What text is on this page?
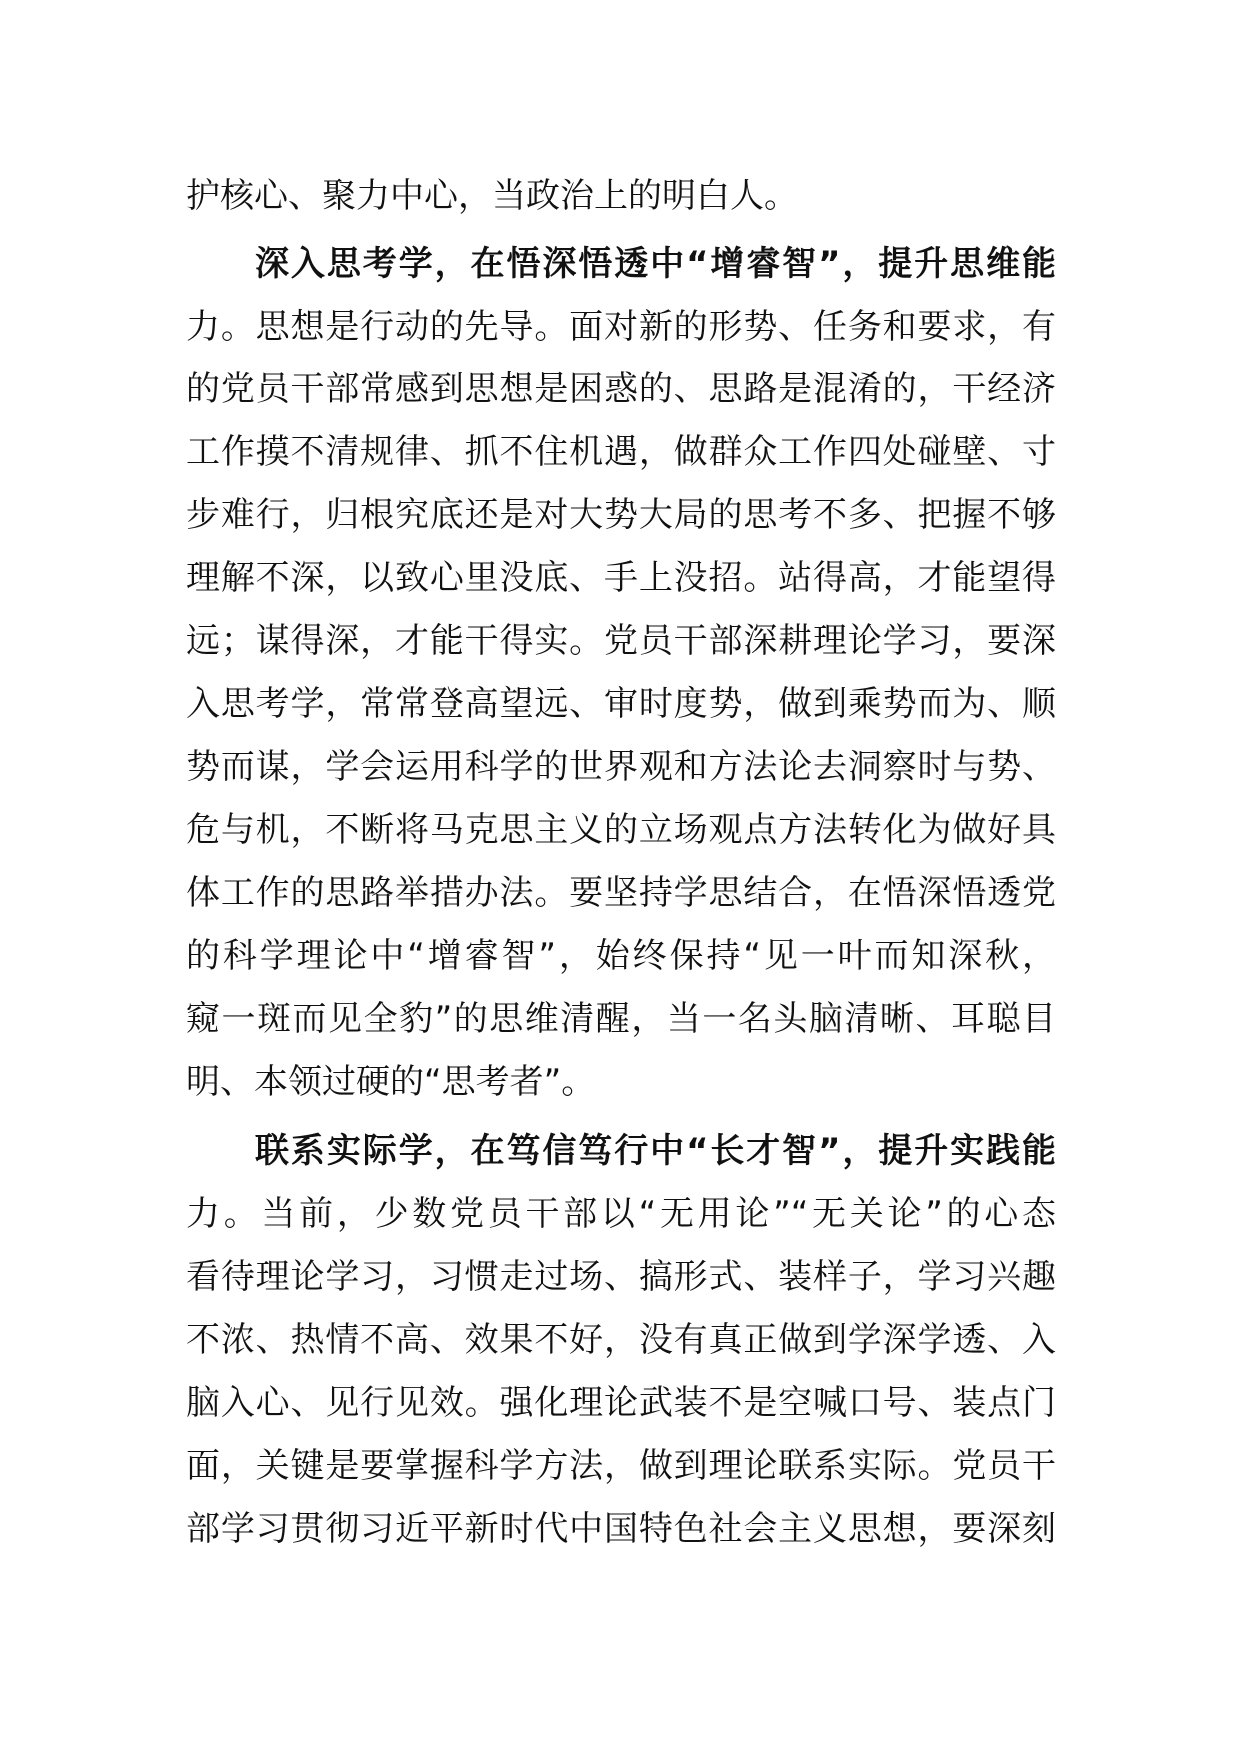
护核心、聚力中心，当政治上的明白人。
深入思考学，在悟深悟透中“增睿智”，提升思维能
力。思想是行动的先导。面对新的形势、任务和要求，有
的党员干部常感到思想是困惑的、思路是混淆的，干经济
工作摸不清规律、抓不住机遇，做群众工作四处碰壁、寸
步难行，归根究底还是对大势大局的思考不多、把握不够
理解不深，以致心里没底、手上没招。站得高，才能望得
远；谋得深，才能干得实。党员干部深耕理论学习，要深
入思考学，常常登高望远、审时度势，做到乘势而为、顺
势而谋，学会运用科学的世界观和方法论去洞察时与势、
危与机，不断将马克思主义的立场观点方法转化为做好具
体工作的思路举措办法。要坚持学思结合，在悟深悟透党
的科学理论中“增睿智”，始终保持“见一叶而知深秋，
窥一斑而见全豹”的思维清醒，当一名头脑清晰、耳聪目
明、本领过硬的“思考者”。
联系实际学，在笃信笃行中“长才智”，提升实践能
力。当前，少数党员干部以“无用论”“无关论”的心态
看待理论学习，习惯走过场、搞形式、装样子，学习兴趣
不浓、热情不高、效果不好，没有真正做到学深学透、入
脑入心、见行见效。强化理论武装不是空喊口号、装点门
面，关键是要掌握科学方法，做到理论联系实际。党员干
部学习贯彻习近平新时代中国特色社会主义思想，要深刻
